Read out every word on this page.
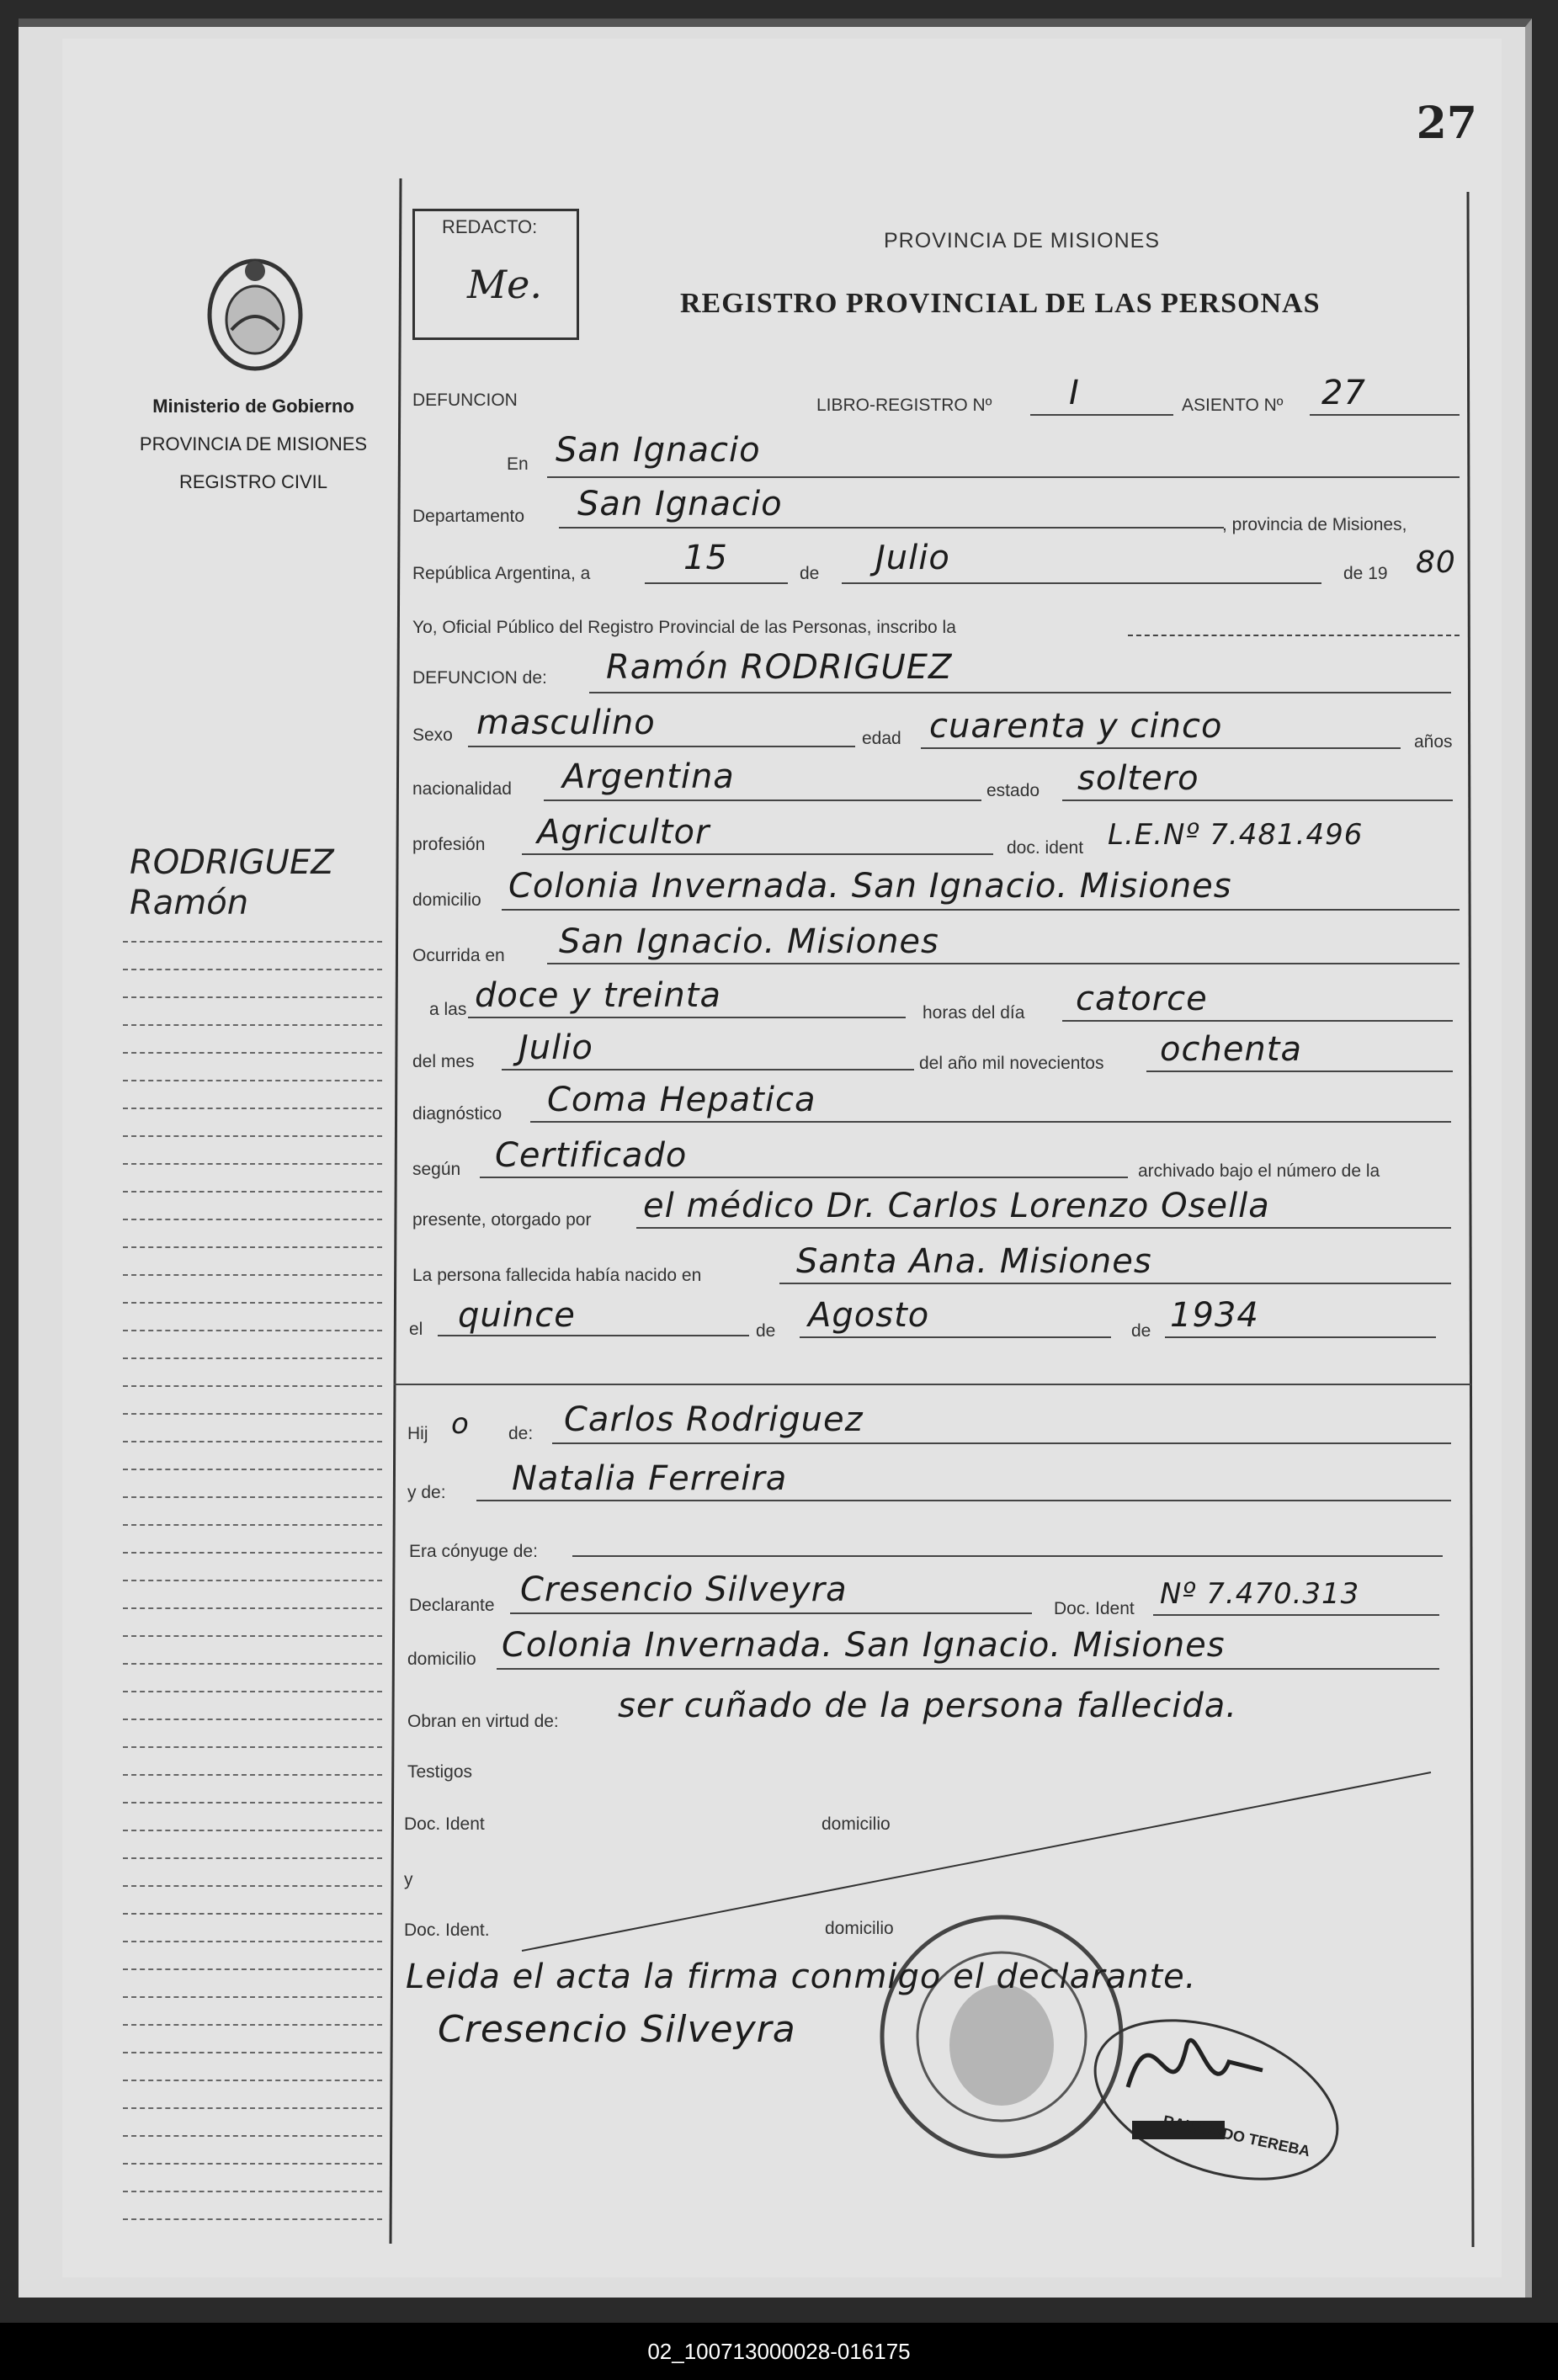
27
REDACTO:
Me.
PROVINCIA DE MISIONES
REGISTRO PROVINCIAL DE LAS PERSONAS
Ministerio de Gobierno
PROVINCIA DE MISIONES
REGISTRO CIVIL
RODRIGUEZ
Ramón
DEFUNCION	LIBRO-REGISTRO Nº I	ASIENTO Nº 27
En San Ignacio
Departamento San Ignacio
, provincia de Misiones,
República Argentina, a	15	de Julio	de 19 80
Yo, Oficial Público del Registro Provincial de las Personas, inscribo la
DEFUNCION de: Ramón RODRIGUEZ
Sexo masculino	edad cuarenta y cinco	años
nacionalidad Argentina	estado soltero
profesión Agricultor	doc. ident L.E.Nº 7.481.496
domicilio Colonia Invernada. San Ignacio. Misiones
Ocurrida en San Ignacio. Misiones
a las doce y treinta	horas del día catorce
del mes Julio	del año mil novecientos ochenta
diagnóstico Coma Hepatica
según Certificado	archivado bajo el número de la
presente, otorgado por el médico Dr. Carlos Lorenzo Osella
La persona fallecida había nacido en	Santa Ana. Misiones
el quince	de Agosto	de 1934
Hij o de: Carlos Rodriguez
y de: Natalia Ferreira
Era cónyuge de:
Declarante Cresencio Silveyra	Doc. Ident Nº 7.470.313
domicilio Colonia Invernada. San Ignacio. Misiones
Obran en virtud de: ser cuñado de la persona fallecida.
Testigos
Doc. Ident	domicilio
y
Doc. Ident.	domicilio
Leida el acta la firma conmigo el declarante.
Cresencio Silveyra
RAIMUNDO TEREBA
02_100713000028-016175
